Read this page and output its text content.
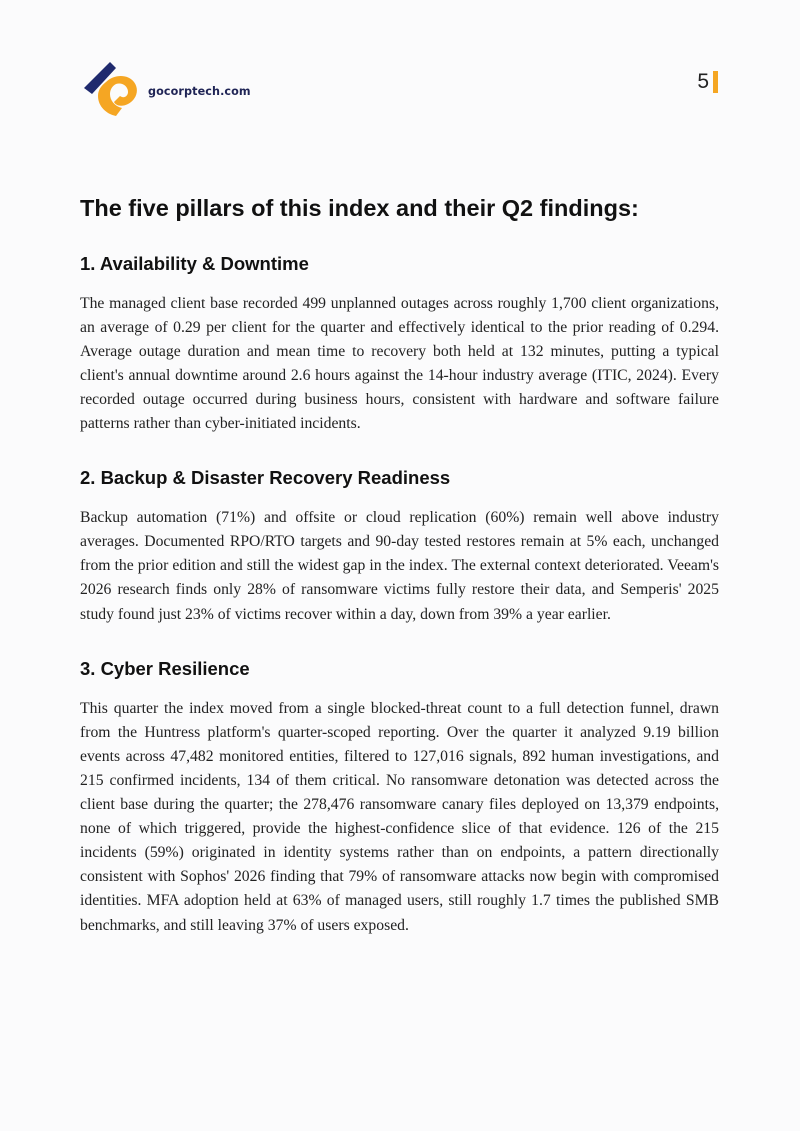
gocorptech.com	5
The five pillars of this index and their Q2 findings:
1. Availability & Downtime

The managed client base recorded 499 unplanned outages across roughly 1,700 client organizations, an average of 0.29 per client for the quarter and effectively identical to the prior reading of 0.294. Average outage duration and mean time to recovery both held at 132 minutes, putting a typical client's annual downtime around 2.6 hours against the 14-hour industry average (ITIC, 2024). Every recorded outage occurred during business hours, consistent with hardware and software failure patterns rather than cyber-initiated incidents.

2. Backup & Disaster Recovery Readiness

Backup automation (71%) and offsite or cloud replication (60%) remain well above industry averages. Documented RPO/RTO targets and 90-day tested restores remain at 5% each, unchanged from the prior edition and still the widest gap in the index. The external context deteriorated. Veeam's 2026 research finds only 28% of ransomware victims fully restore their data, and Semperis' 2025 study found just 23% of victims recover within a day, down from 39% a year earlier.

3. Cyber Resilience

This quarter the index moved from a single blocked-threat count to a full detection funnel, drawn from the Huntress platform's quarter-scoped reporting. Over the quarter it analyzed 9.19 billion events across 47,482 monitored entities, filtered to 127,016 signals, 892 human investigations, and 215 confirmed incidents, 134 of them critical. No ransomware detonation was detected across the client base during the quarter; the 278,476 ransomware canary files deployed on 13,379 endpoints, none of which triggered, provide the highest-confidence slice of that evidence. 126 of the 215 incidents (59%) originated in identity systems rather than on endpoints, a pattern directionally consistent with Sophos' 2026 finding that 79% of ransomware attacks now begin with compromised identities. MFA adoption held at 63% of managed users, still roughly 1.7 times the published SMB benchmarks, and still leaving 37% of users exposed.
